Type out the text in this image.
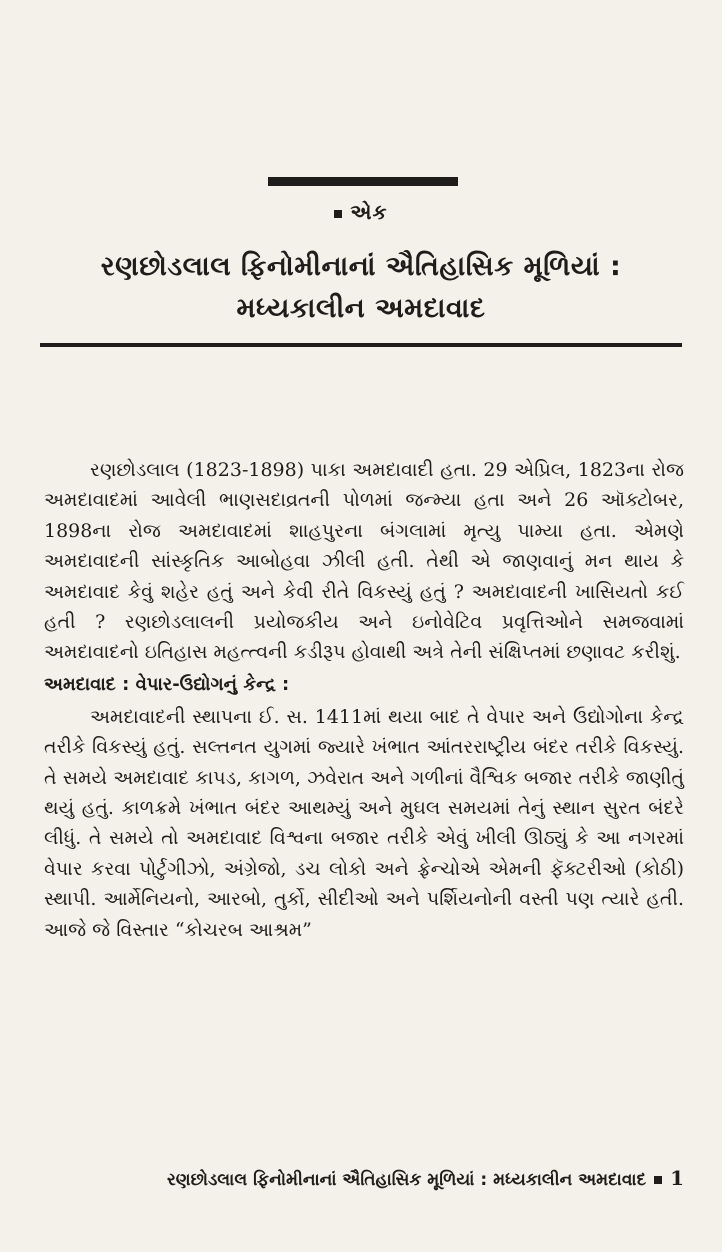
એક
રણછોડલાલ ફિનોમીનાનાં ઐતિહાસિક મૂળિયાં :
મધ્યકાલીન અમદાવાદ

રણછોડલાલ (1823-1898) પાકા અમદાવાદી હતા. 29 એપ્રિલ, 1823ના રોજ અમદાવાદમાં આવેલી ભાણસદાવ્રતની પોળમાં જન્મ્યા હતા અને 26 ઑક્ટોબર, 1898ના રોજ અમદાવાદમાં શાહપુરના બંગલામાં મૃત્યુ પામ્યા હતા. એમણે અમદાવાદની સાંસ્કૃતિક આબોહવા ઝીલી હતી. તેથી એ જાણવાનું મન થાય કે અમદાવાદ કેવું શહેર હતું અને કેવી રીતે વિકસ્યું હતું ? અમદાવાદની ખાસિયતો કઈ હતી ? રણછોડલાલની પ્રયોજકીય અને ઇનોવેટિવ પ્રવૃત્તિઓને સમજવામાં અમદાવાદનો ઇતિહાસ મહત્ત્વની કડીરૂપ હોવાથી અત્રે તેની સંક્ષિપ્તમાં છણાવટ કરીશું.

અમદાવાદ : વેપાર-ઉદ્યોગનું કેન્દ્ર :

અમદાવાદની સ્થાપના ઈ. સ. 1411માં થયા બાદ તે વેપાર અને ઉદ્યોગોના કેન્દ્ર તરીકે વિકસ્યું હતું. સલ્તનત યુગમાં જ્યારે ખંભાત આંતરરાષ્ટ્રીય બંદર તરીકે વિકસ્યું. તે સમયે અમદાવાદ કાપડ, કાગળ, ઝવેરાત અને ગળીનાં વૈશ્વિક બજાર તરીકે જાણીતું થયું હતું. કાળક્રમે ખંભાત બંદર આથમ્યું અને મુઘલ સમયમાં તેનું સ્થાન સુરત બંદરે લીધું. તે સમયે તો અમદાવાદ વિશ્વના બજાર તરીકે એવું ખીલી ઊઠ્યું કે આ નગરમાં વેપાર કરવા પોર્ટુગીઝો, અંગ્રેજો, ડચ લોકો અને ફ્રેન્ચોએ એમની ફૅક્ટરીઓ (કોઠી) સ્થાપી. આર્મેનિયનો, આરબો, તુર્કો, સીદીઓ અને પર્શિયનોની વસ્તી પણ ત્યારે હતી. આજે જે વિસ્તાર “કોચરબ આશ્રમ”

રણછોડલાલ ફિનોમીનાનાં ઐતિહાસિક મૂળિયાં : મધ્યકાલીન અમદાવાદ 1
